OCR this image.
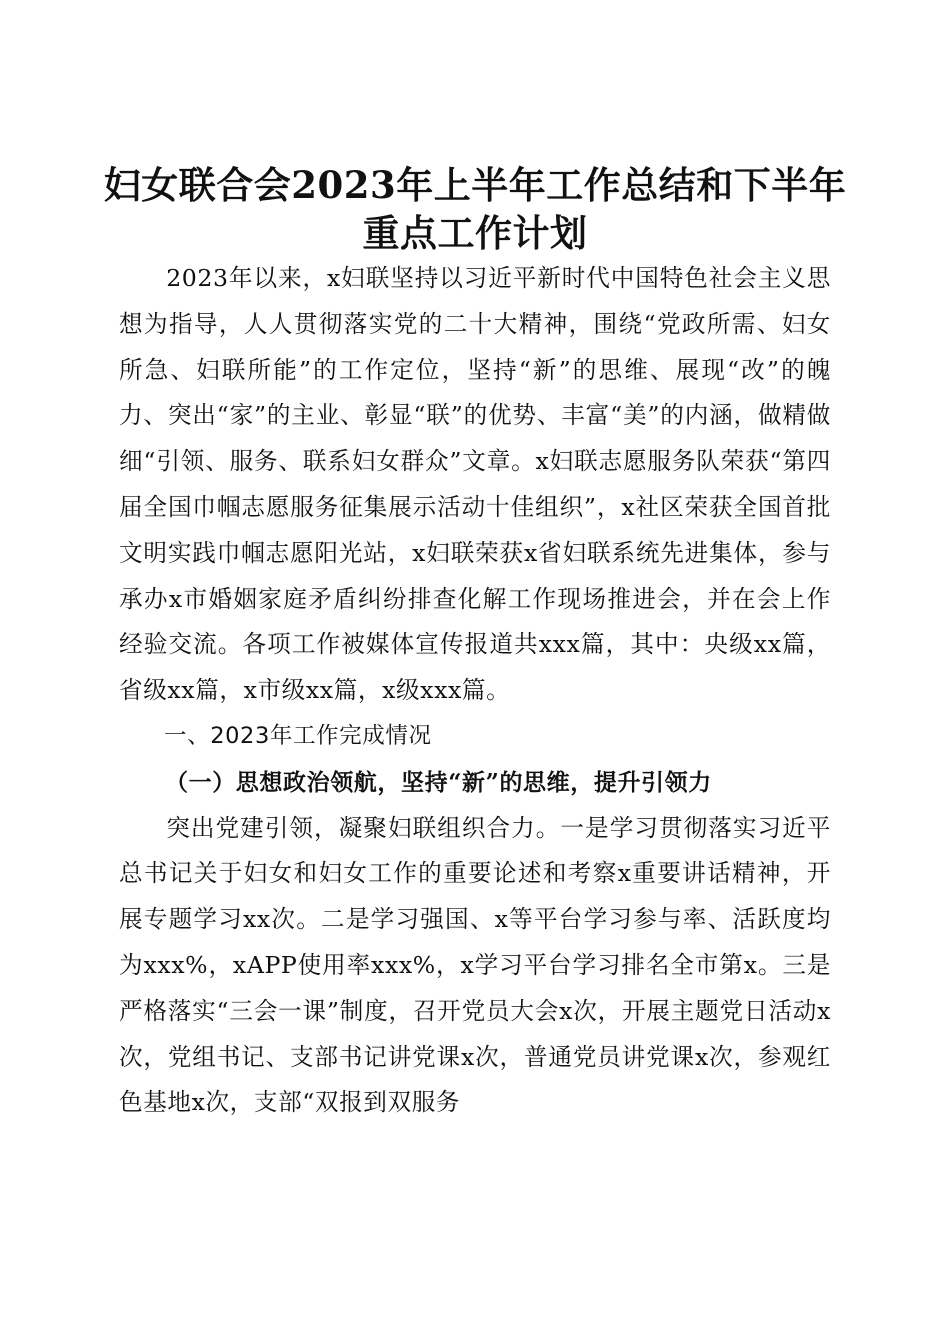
妇女联合会2023年上半年工作总结和下半年
重点工作计划

2023年以来，x妇联坚持以习近平新时代中国特色社会主义思想为指导，人人贯彻落实党的二十大精神，围绕“党政所需、妇女所急、妇联所能”的工作定位，坚持“新”的思维、展现“改”的魄力、突出“家”的主业、彰显“联”的优势、丰富“美”的内涵，做精做细“引领、服务、联系妇女群众”文章。x妇联志愿服务队荣获“第四届全国巾帼志愿服务征集展示活动十佳组织”，x社区荣获全国首批文明实践巾帼志愿阳光站，x妇联荣获x省妇联系统先进集体，参与承办x市婚姻家庭矛盾纠纷排查化解工作现场推进会，并在会上作经验交流。各项工作被媒体宣传报道共xxx篇，其中：央级xx篇，省级xx篇，x市级xx篇，x级xxx篇。

一、2023年工作完成情况
（一）思想政治领航，坚持“新”的思维，提升引领力

突出党建引领，凝聚妇联组织合力。一是学习贯彻落实习近平总书记关于妇女和妇女工作的重要论述和考察x重要讲话精神，开展专题学习xx次。二是学习强国、x等平台学习参与率、活跃度均为xxx%，xAPP使用率xxx%，x学习平台学习排名全市第x。三是严格落实“三会一课”制度，召开党员大会x次，开展主题党日活动x次，党组书记、支部书记讲党课x次，普通党员讲党课x次，参观红色基地x次，支部“双报到双服务
